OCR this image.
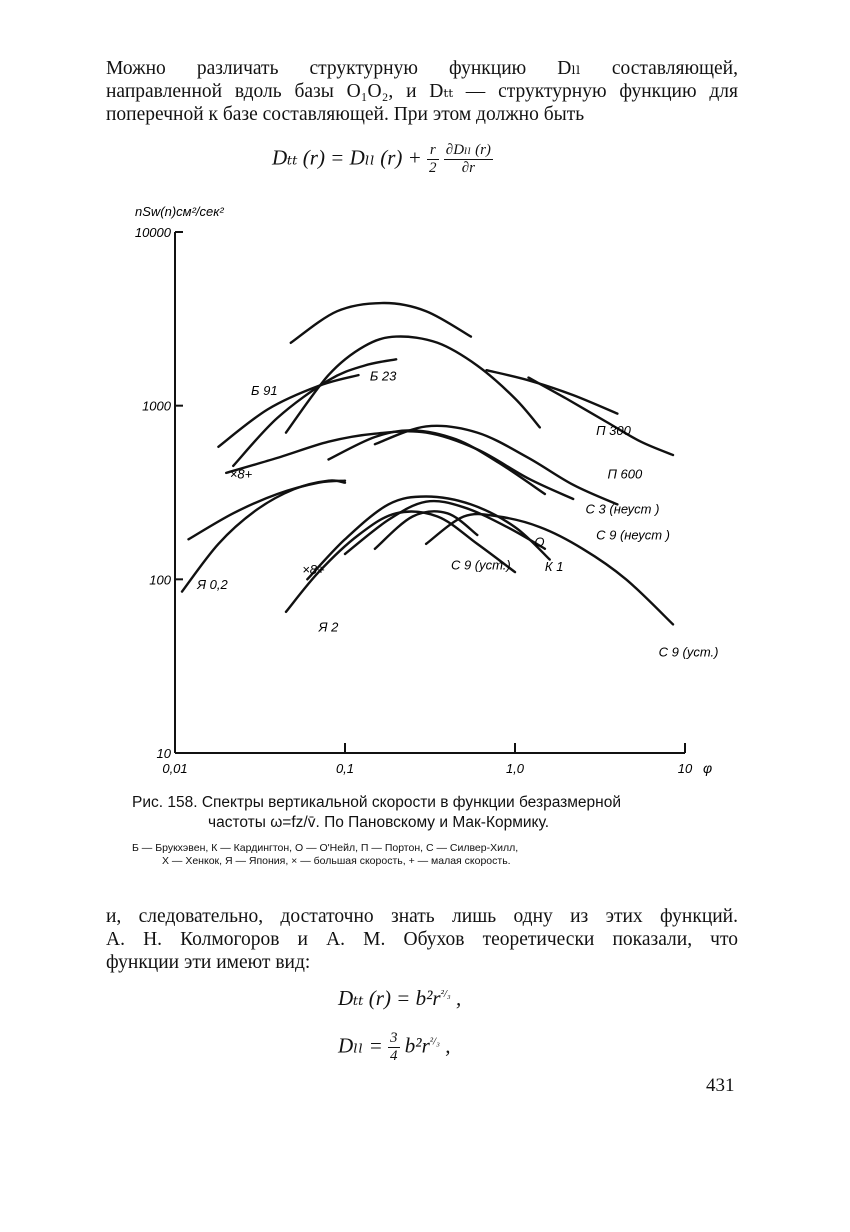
Можно различать структурную функцию Dₗₗ составляющей,
направленной вдоль базы O₁O₂, и Dₜₜ — структурную функцию для
поперечной к базе составляющей. При этом должно быть
Dₜₜ (r) = Dₗₗ $(r) + \frac{r}{2}$
$\frac{\text{∂Dₗₗ (r)}}{\partial r}$
10
100
1000
10000
0,01	0,1	1,0	10 φ
nSw(n)см²/сек²
Б 91
Б 23
П 300
П 600
×8+
С 3 (неуст )
С 9 (неуст )
О
Я 0,2
×8+	С 9 (уст.)	К 1
Я 2
С 9 (уст.)
Рис. 158. Спектры вертикальной скорости в функции безразмерной
частоты ω=fz/v̄. По Пановскому и Мак-Кормику.
Б — Брукхэвен, К — Кардингтон, О — О'Нейл, П — Портон, С — Силвер-Хилл,
Х — Хенкок, Я — Япония, × — большая скорость, + — малая скорость.
и, следовательно, достаточно знать лишь одну из этих функций.
А. Н. Колмогоров и А. М. Обухов теоретически показали, что
функции эти имеют вид:
Dₜₜ $(r) = b^2r^{^2/_3}$ ,
$D_{ll} = \frac{3}{4} b^2r^{^2/_3}$ ,
431
